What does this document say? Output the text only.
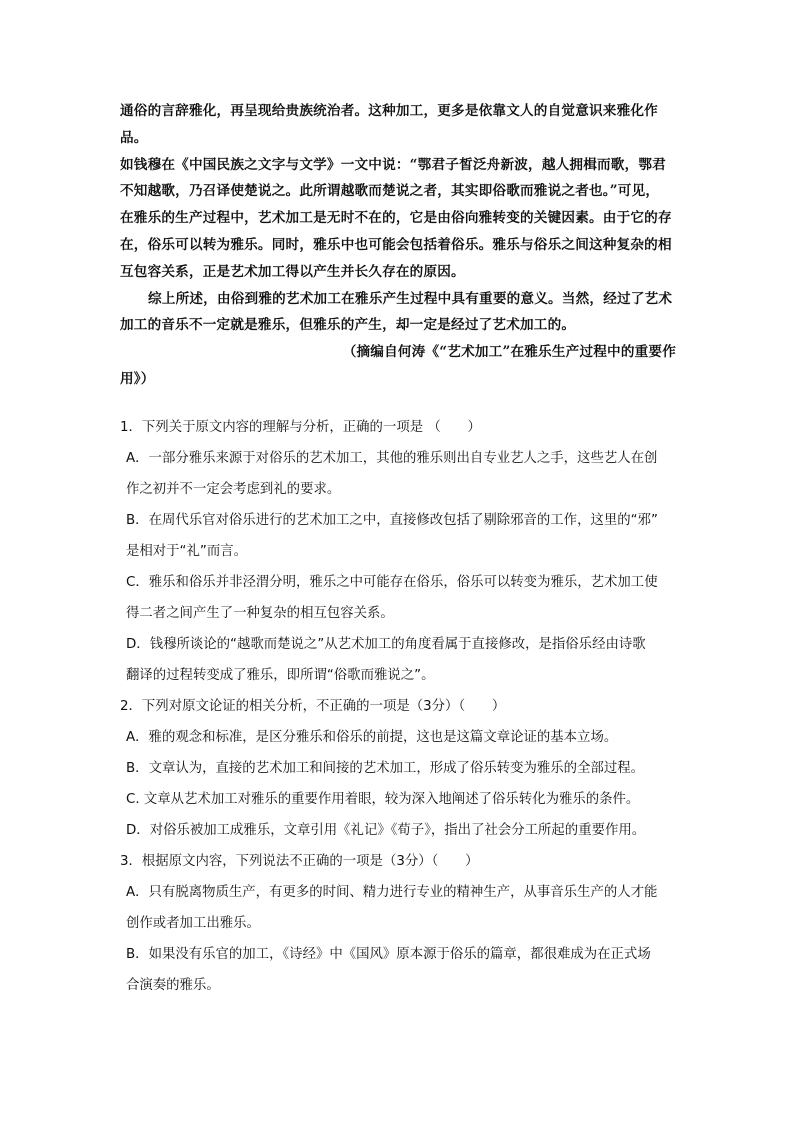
通俗的言辞雅化，再呈现给贵族统治者。这种加工，更多是依靠文人的自觉意识来雅化作品。
如钱穆在《中国民族之文字与文学》一文中说：“鄂君子皙泛舟新波，越人拥楫而歌，鄂君
不知越歌，乃召译使楚说之。此所谓越歌而楚说之者，其实即俗歌而雅说之者也。”可见，
在雅乐的生产过程中，艺术加工是无时不在的，它是由俗向雅转变的关键因素。由于它的存
在，俗乐可以转为雅乐。同时，雅乐中也可能会包括着俗乐。雅乐与俗乐之间这种复杂的相
互包容关系，正是艺术加工得以产生并长久存在的原因。

综上所述，由俗到雅的艺术加工在雅乐产生过程中具有重要的意义。当然，经过了艺术
加工的音乐不一定就是雅乐，但雅乐的产生，却一定是经过了艺术加工的。

（摘编自何涛《“艺术加工”在雅乐生产过程中的重要作
用》）

1．下列关于原文内容的理解与分析，正确的一项是 （　　）

A．一部分雅乐来源于对俗乐的艺术加工，其他的雅乐则出自专业艺人之手，这些艺人在创
作之初并不一定会考虑到礼的要求。

B．在周代乐官对俗乐进行的艺术加工之中，直接修改包括了剔除邪音的工作，这里的“邪”
是相对于“礼”而言。

C．雅乐和俗乐并非泾渭分明，雅乐之中可能存在俗乐，俗乐可以转变为雅乐，艺术加工使
得二者之间产生了一种复杂的相互包容关系。

D．钱穆所谈论的“越歌而楚说之”从艺术加工的角度看属于直接修改，是指俗乐经由诗歌
翻译的过程转变成了雅乐，即所谓“俗歌而雅说之”。

2．下列对原文论证的相关分析，不正确的一项是（3分）（　　）

A．雅的观念和标准，是区分雅乐和俗乐的前提，这也是这篇文章论证的基本立场。

B．文章认为，直接的艺术加工和间接的艺术加工，形成了俗乐转变为雅乐的全部过程。

C. 文章从艺术加工对雅乐的重要作用着眼，较为深入地阐述了俗乐转化为雅乐的条件。

D．对俗乐被加工成雅乐，文章引用《礼记》《荀子》，指出了社会分工所起的重要作用。

3．根据原文内容，下列说法不正确的一项是（3分）（　　）

A．只有脱离物质生产，有更多的时间、精力进行专业的精神生产，从事音乐生产的人才能
创作或者加工出雅乐。

B．如果没有乐官的加工，《诗经》中《国风》原本源于俗乐的篇章，都很难成为在正式场
合演奏的雅乐。
